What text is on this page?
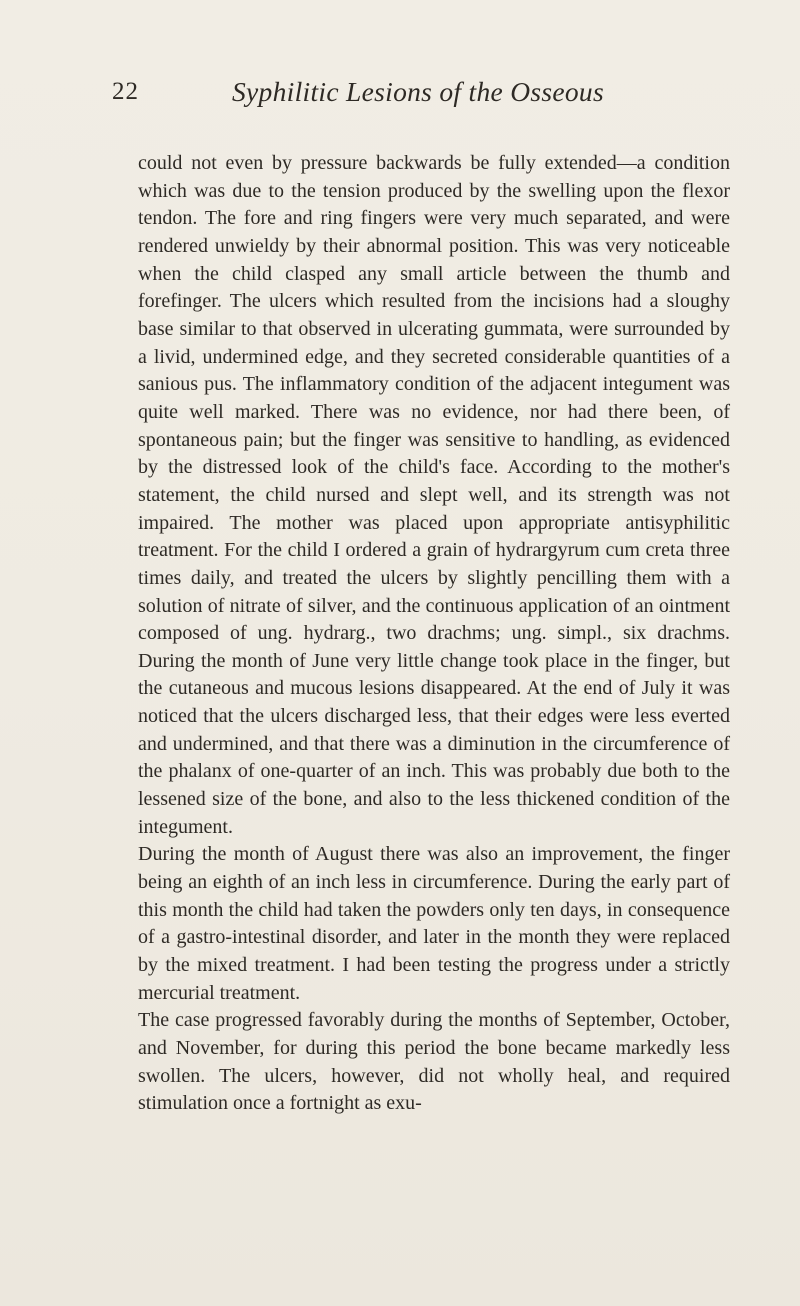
22	Syphilitic Lesions of the Osseous

could not even by pressure backwards be fully extended—a condition which was due to the tension produced by the swelling upon the flexor tendon. The fore and ring fingers were very much separated, and were rendered unwieldy by their abnormal position. This was very noticeable when the child clasped any small article between the thumb and forefinger. The ulcers which resulted from the incisions had a sloughy base similar to that observed in ulcerating gummata, were surrounded by a livid, undermined edge, and they secreted considerable quantities of a sanious pus. The inflammatory condition of the adjacent integument was quite well marked. There was no evidence, nor had there been, of spontaneous pain; but the finger was sensitive to handling, as evidenced by the distressed look of the child's face. According to the mother's statement, the child nursed and slept well, and its strength was not impaired. The mother was placed upon appropriate antisyphilitic treatment. For the child I ordered a grain of hydrargyrum cum creta three times daily, and treated the ulcers by slightly pencilling them with a solution of nitrate of silver, and the continuous application of an ointment composed of ung. hydrarg., two drachms; ung. simpl., six drachms. During the month of June very little change took place in the finger, but the cutaneous and mucous lesions disappeared. At the end of July it was noticed that the ulcers discharged less, that their edges were less everted and undermined, and that there was a diminution in the circumference of the phalanx of one-quarter of an inch. This was probably due both to the lessened size of the bone, and also to the less thickened condition of the integument.

During the month of August there was also an improvement, the finger being an eighth of an inch less in circumference. During the early part of this month the child had taken the powders only ten days, in consequence of a gastro-intestinal disorder, and later in the month they were replaced by the mixed treatment. I had been testing the progress under a strictly mercurial treatment.

The case progressed favorably during the months of September, October, and November, for during this period the bone became markedly less swollen. The ulcers, however, did not wholly heal, and required stimulation once a fortnight as exu-
